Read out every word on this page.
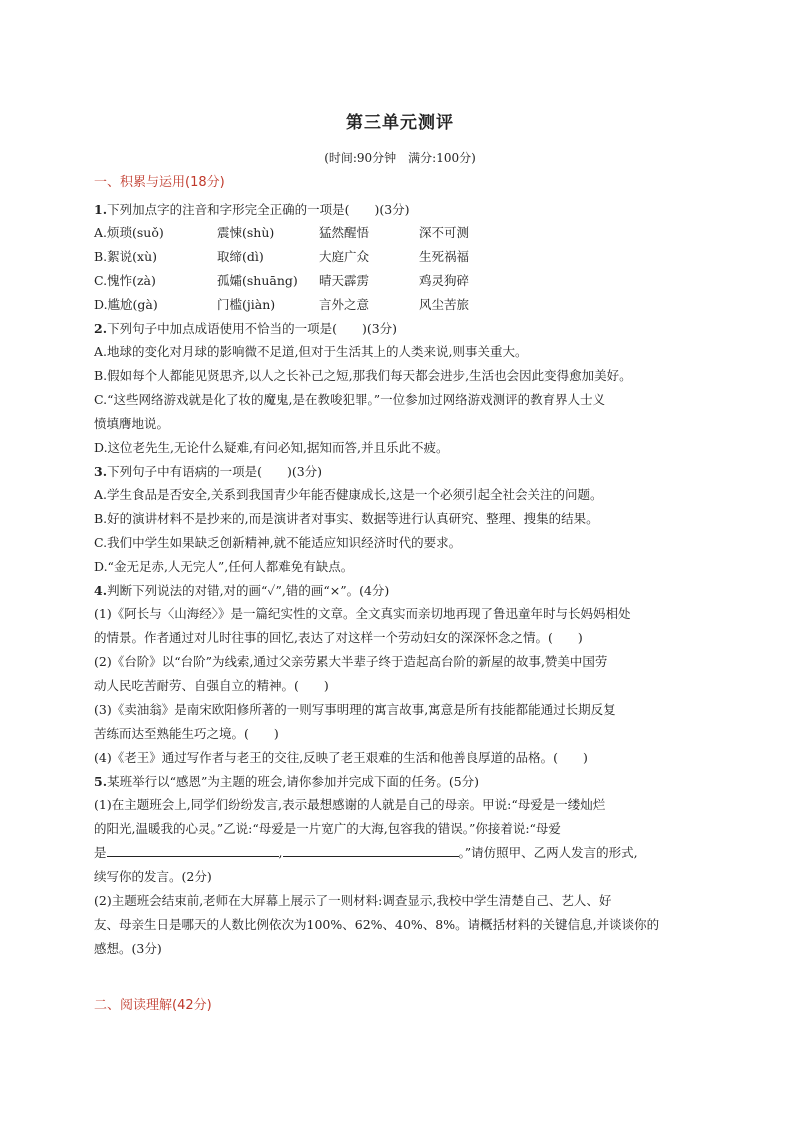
第三单元测评
(时间:90分钟　满分:100分)
一、积累与运用(18分)
1.下列加点字的注音和字形完全正确的一项是(　　)(3分)
A.烦琐(suǒ)	震悚(shù)	猛然醒悟	深不可测
B.絮说(xù)	取缔(dì)	大庭广众	生死祸福
C.愧怍(zà)	孤孀(shuāng)	晴天霹雳	鸡灵狗碎
D.尴尬(gà)	门槛(jiàn)	言外之意	风尘苦旅
2.下列句子中加点成语使用不恰当的一项是(　　)(3分)

A.地球的变化对月球的影响微不足道,但对于生活其上的人类来说,则事关重大。

B.假如每个人都能见贤思齐,以人之长补己之短,那我们每天都会进步,生活也会因此变得愈加美好。

C.“这些网络游戏就是化了妆的魔鬼,是在教唆犯罪。”一位参加过网络游戏测评的教育界人士义

愤填膺地说。

D.这位老先生,无论什么疑难,有问必知,据知而答,并且乐此不疲。

3.下列句子中有语病的一项是(　　)(3分)

A.学生食品是否安全,关系到我国青少年能否健康成长,这是一个必须引起全社会关注的问题。

B.好的演讲材料不是抄来的,而是演讲者对事实、数据等进行认真研究、整理、搜集的结果。

C.我们中学生如果缺乏创新精神,就不能适应知识经济时代的要求。

D.“金无足赤,人无完人”,任何人都难免有缺点。

4.判断下列说法的对错,对的画“✓”,错的画“×”。(4分)

(1)《阿长与〈山海经〉》是一篇纪实性的文章。全文真实而亲切地再现了鲁迅童年时与长妈妈相处

的情景。作者通过对儿时往事的回忆,表达了对这样一个劳动妇女的深深怀念之情。(　　)

(2)《台阶》以“台阶”为线索,通过父亲劳累大半辈子终于造起高台阶的新屋的故事,赞美中国劳

动人民吃苦耐劳、自强自立的精神。(　　)

(3)《卖油翁》是南宋欧阳修所著的一则写事明理的寓言故事,寓意是所有技能都能通过长期反复

苦练而达至熟能生巧之境。(　　)

(4)《老王》通过写作者与老王的交往,反映了老王艰难的生活和他善良厚道的品格。(　　)

5.某班举行以“感恩”为主题的班会,请你参加并完成下面的任务。(5分)

(1)在主题班会上,同学们纷纷发言,表示最想感谢的人就是自己的母亲。甲说:“母爱是一缕灿烂

的阳光,温暖我的心灵。”乙说:“母爱是一片宽广的大海,包容我的错误。”你接着说:“母爱

是	,	。”请仿照甲、乙两人发言的形式,

续写你的发言。(2分)

(2)主题班会结束前,老师在大屏幕上展示了一则材料:调查显示,我校中学生清楚自己、艺人、好

友、母亲生日是哪天的人数比例依次为100%、62%、40%、8%。请概括材料的关键信息,并谈谈你的

感想。(3分)

二、阅读理解(42分)
